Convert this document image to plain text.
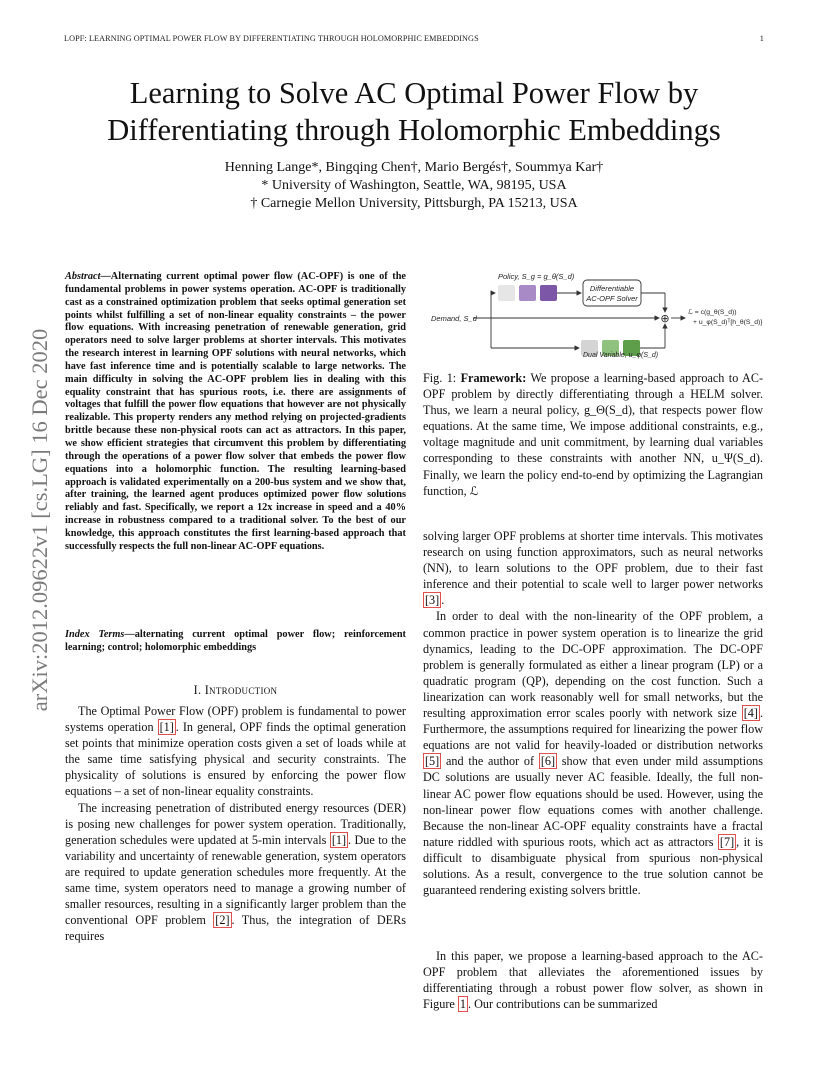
LOPF: LEARNING OPTIMAL POWER FLOW BY DIFFERENTIATING THROUGH HOLOMORPHIC EMBEDDINGS	1
Learning to Solve AC Optimal Power Flow by
Differentiating through Holomorphic Embeddings
Henning Lange*, Bingqing Chen†, Mario Bergés†, Soummya Kar†
* University of Washington, Seattle, WA, 98195, USA
† Carnegie Mellon University, Pittsburgh, PA 15213, USA
arXiv:2012.09622v1 [cs.LG] 16 Dec 2020
Abstract—Alternating current optimal power flow (AC-OPF) is one of the fundamental problems in power systems operation. AC-OPF is traditionally cast as a constrained optimization problem that seeks optimal generation set points whilst fulfilling a set of non-linear equality constraints – the power flow equations. With increasing penetration of renewable generation, grid operators need to solve larger problems at shorter intervals. This motivates the research interest in learning OPF solutions with neural networks, which have fast inference time and is potentially scalable to large networks. The main difficulty in solving the AC-OPF problem lies in dealing with this equality constraint that has spurious roots, i.e. there are assignments of voltages that fulfill the power flow equations that however are not physically realizable. This property renders any method relying on projected-gradients brittle because these non-physical roots can act as attractors. In this paper, we show efficient strategies that circumvent this problem by differentiating through the operations of a power flow solver that embeds the power flow equations into a holomorphic function. The resulting learning-based approach is validated experimentally on a 200-bus system and we show that, after training, the learned agent produces optimized power flow solutions reliably and fast. Specifically, we report a 12x increase in speed and a 40% increase in robustness compared to a traditional solver. To the best of our knowledge, this approach constitutes the first learning-based approach that successfully respects the full non-linear AC-OPF equations.
Index Terms—alternating current optimal power flow; reinforcement learning; control; holomorphic embeddings
I. Introduction

The Optimal Power Flow (OPF) problem is fundamental to power systems operation [1] . In general, OPF finds the optimal generation set points that minimize operation costs given a set of loads while at the same time satisfying physical and security constraints. The physicality of solutions is ensured by enforcing the power flow equations – a set of non-linear equality constraints.

The increasing penetration of distributed energy resources (DER) is posing new challenges for power system operation. Traditionally, generation schedules were updated at 5-min intervals [1] . Due to the variability and uncertainty of renewable generation, system operators are required to update generation schedules more frequently. At the same time, system operators need to manage a growing number of smaller resources, resulting in a significantly larger problem than the conventional OPF problem [2] . Thus, the integration of DERs requires

Policy, S_g = g_θ(S_d)
Demand, S_d
Differentiable
AC-OPF Solver
⊕
ℒ = c(g_θ(S_d))
+ u_φ(S_d)ᵀ[h_θ(S_d)]₊
Dual Variable, u_φ(S_d)
Fig. 1: Framework: We propose a learning-based approach to AC-OPF problem by directly differentiating through a HELM solver. Thus, we learn a neural policy, g_Θ(S_d), that respects power flow equations. At the same time, We impose additional constraints, e.g., voltage magnitude and unit commitment, by learning dual variables corresponding to these constraints with another NN, u_Ψ(S_d). Finally, we learn the policy end-to-end by optimizing the Lagrangian function, ℒ

solving larger OPF problems at shorter time intervals. This motivates research on using function approximators, such as neural networks (NN), to learn solutions to the OPF problem, due to their fast inference and their potential to scale well to larger power networks [3] .

In order to deal with the non-linearity of the OPF problem, a common practice in power system operation is to linearize the grid dynamics, leading to the DC-OPF approximation. The DC-OPF problem is generally formulated as either a linear program (LP) or a quadratic program (QP), depending on the cost function. Such a linearization can work reasonably well for small networks, but the resulting approximation error scales poorly with network size [4] . Furthermore, the assumptions required for linearizing the power flow equations are not valid for heavily-loaded or distribution networks [5] and the author of [6] show that even under mild assumptions DC solutions are usually never AC feasible. Ideally, the full non-linear AC power flow equations should be used. However, using the non-linear power flow equations comes with another challenge. Because the non-linear AC-OPF equality constraints have a fractal nature riddled with spurious roots, which act as attractors [7] , it is difficult to disambiguate physical from spurious non-physical solutions. As a result, convergence to the true solution cannot be guaranteed rendering existing solvers brittle.

In this paper, we propose a learning-based approach to the AC-OPF problem that alleviates the aforementioned issues by differentiating through a robust power flow solver, as shown in Figure 1 . Our contributions can be summarized
